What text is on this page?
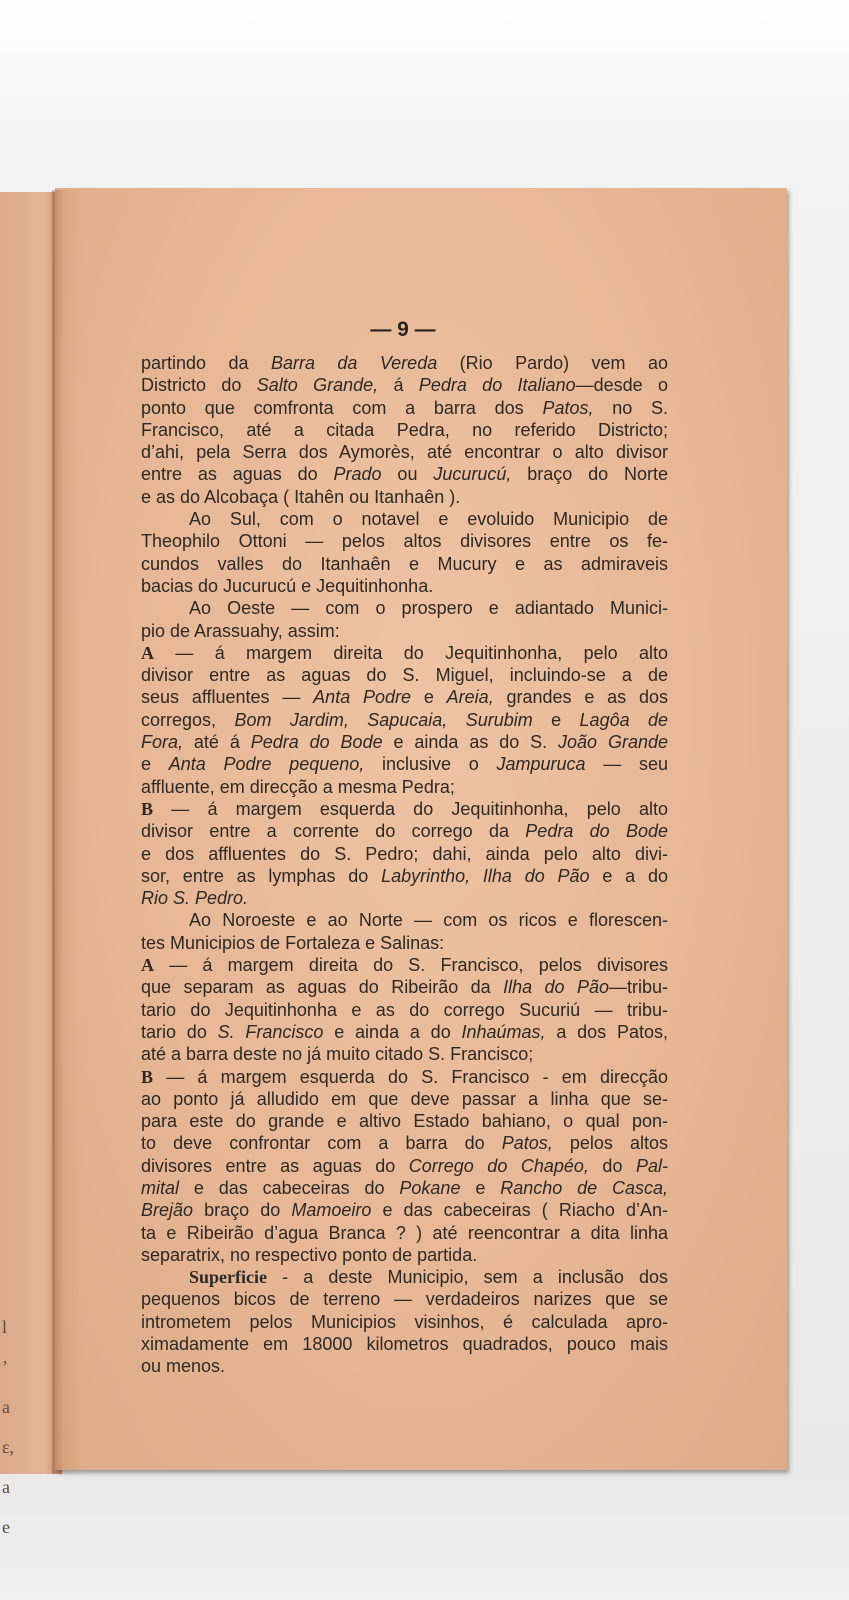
l
’
a
ɛ,
a
e
— 9 —

partindo da Barra da Vereda (Rio Pardo) vem ao

Districto do Salto Grande, á Pedra do Italiano—desde o

ponto que comfronta com a barra dos Patos, no S.

Francisco, até a citada Pedra, no referido Districto;

d’ahi, pela Serra dos Aymorès, até encontrar o alto divisor

entre as aguas do Prado ou Jucurucú, braço do Norte

e as do Alcobaça ( Itahên ou Itanhaên ).

Ao Sul, com o notavel e evoluido Municipio de

Theophilo Ottoni — pelos altos divisores entre os fe-

cundos valles do Itanhaên e Mucury e as admiraveis

bacias do Jucurucú e Jequitinhonha.

Ao Oeste — com o prospero e adiantado Munici-

pio de Arassuahy, assim:

A — á margem direita do Jequitinhonha, pelo alto

divisor entre as aguas do S. Miguel, incluindo-se a de

seus affluentes — Anta Podre e Areia, grandes e as dos

corregos, Bom Jardim, Sapucaia, Surubim e Lagôa de

Fora, até á Pedra do Bode e ainda as do S. João Grande

e Anta Podre pequeno, inclusive o Jampuruca — seu

affluente, em direcção a mesma Pedra;

B — á margem esquerda do Jequitinhonha, pelo alto

divisor entre a corrente do corrego da Pedra do Bode

e dos affluentes do S. Pedro; dahi, ainda pelo alto divi-

sor, entre as lymphas do Labyrintho, Ilha do Pão e a do

Rio S. Pedro.

Ao Noroeste e ao Norte — com os ricos e florescen-

tes Municipios de Fortaleza e Salinas:

A — á margem direita do S. Francisco, pelos divisores

que separam as aguas do Ribeirão da Ilha do Pão—tribu-

tario do Jequitinhonha e as do corrego Sucuriú — tribu-

tario do S. Francisco e ainda a do Inhaúmas, a dos Patos,

até a barra deste no já muito citado S. Francisco;

B — á margem esquerda do S. Francisco - em direcção

ao ponto já alludido em que deve passar a linha que se-

para este do grande e altivo Estado bahiano, o qual pon-

to deve confrontar com a barra do Patos, pelos altos

divisores entre as aguas do Corrego do Chapéo, do Pal-

mital e das cabeceiras do Pokane e Rancho de Casca,

Brejão braço do Mamoeiro e das cabeceiras ( Riacho d’An-

ta e Ribeirão d’agua Branca ? ) até reencontrar a dita linha

separatrix, no respectivo ponto de partida.

Superficie - a deste Municipio, sem a inclusão dos

pequenos bicos de terreno — verdadeiros narizes que se

intrometem pelos Municipios visinhos, é calculada apro-

ximadamente em 18000 kilometros quadrados, pouco mais

ou menos.
